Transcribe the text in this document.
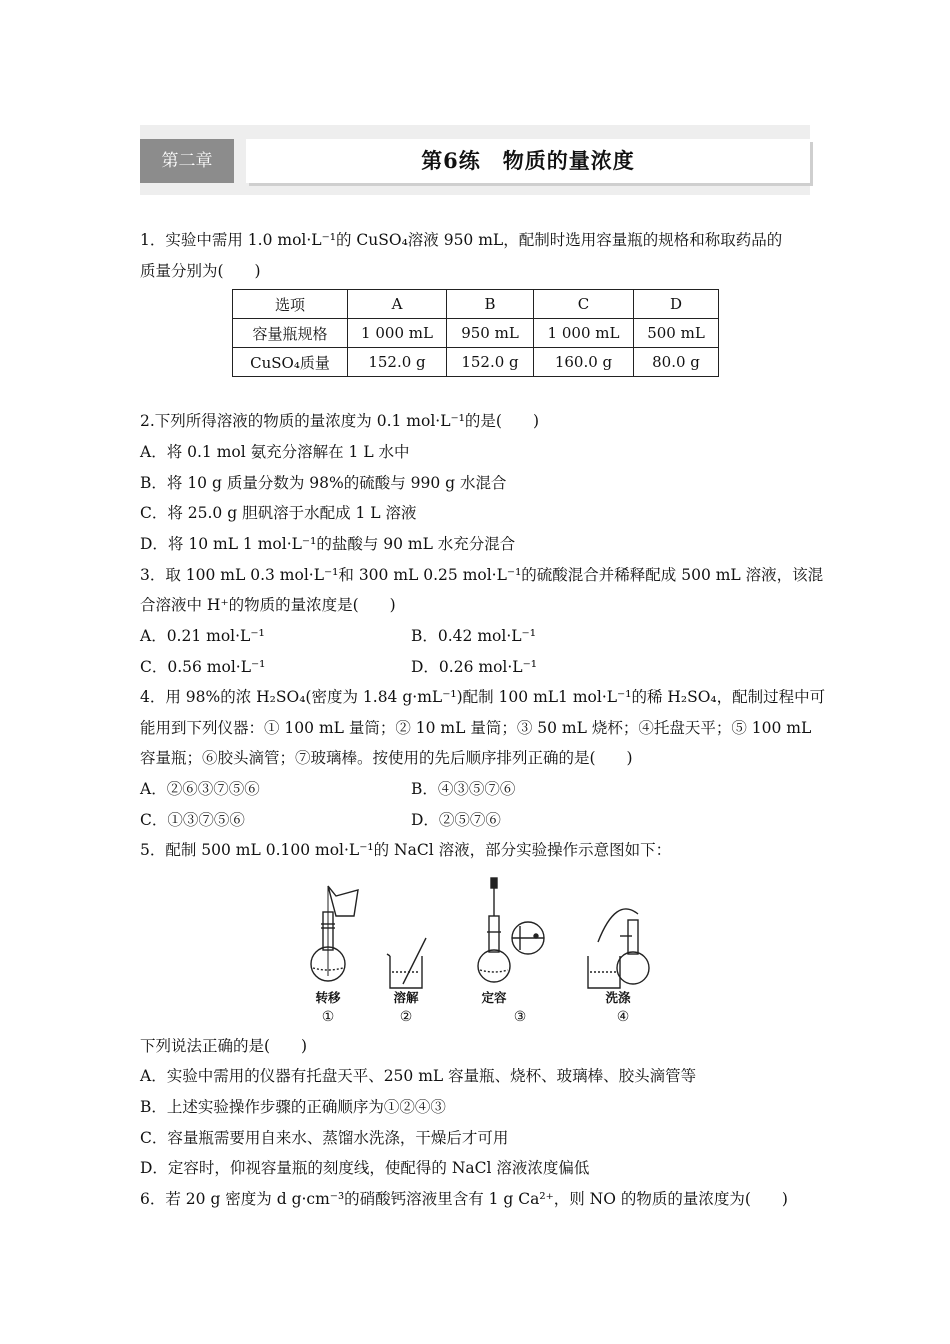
第二章	第6练　物质的量浓度
1．实验中需用 1.0 mol·L⁻¹的 CuSO₄溶液 950 mL，配制时选用容量瓶的规格和称取药品的
质量分别为(　　)
选项	A	B	C	D
容量瓶规格	1 000 mL	950 mL	1 000 mL	500 mL
CuSO₄质量	152.0 g	152.0 g	160.0 g	80.0 g
2.下列所得溶液的物质的量浓度为 0.1 mol·L⁻¹的是(　　)
A．将 0.1 mol 氨充分溶解在 1 L 水中
B．将 10 g 质量分数为 98%的硫酸与 990 g 水混合
C．将 25.0 g 胆矾溶于水配成 1 L 溶液
D．将 10 mL 1 mol·L⁻¹的盐酸与 90 mL 水充分混合
3．取 100 mL 0.3 mol·L⁻¹和 300 mL 0.25 mol·L⁻¹的硫酸混合并稀释配成 500 mL 溶液，该混
合溶液中 H⁺的物质的量浓度是(　　)
A．0.21 mol·L⁻¹	B．0.42 mol·L⁻¹
C．0.56 mol·L⁻¹	D．0.26 mol·L⁻¹
4．用 98%的浓 H₂SO₄(密度为 1.84 g·mL⁻¹)配制 100 mL1 mol·L⁻¹的稀 H₂SO₄，配制过程中可
能用到下列仪器：① 100 mL 量筒；② 10 mL 量筒；③ 50 mL 烧杯；④托盘天平；⑤ 100 mL
容量瓶；⑥胶头滴管；⑦玻璃棒。按使用的先后顺序排列正确的是(　　)
A．②⑥③⑦⑤⑥	B．④③⑤⑦⑥
C．①③⑦⑤⑥	D．②⑤⑦⑥
5．配制 500 mL 0.100 mol·L⁻¹的 NaCl 溶液，部分实验操作示意图如下：
转移	溶解	定容	洗涤
①	②	③	④
下列说法正确的是(　　)
A．实验中需用的仪器有托盘天平、250 mL 容量瓶、烧杯、玻璃棒、胶头滴管等
B．上述实验操作步骤的正确顺序为①②④③
C．容量瓶需要用自来水、蒸馏水洗涤，干燥后才可用
D．定容时，仰视容量瓶的刻度线，使配得的 NaCl 溶液浓度偏低
6．若 20 g 密度为 d g·cm⁻³的硝酸钙溶液里含有 1 g Ca²⁺，则 NO 的物质的量浓度为(　　)
